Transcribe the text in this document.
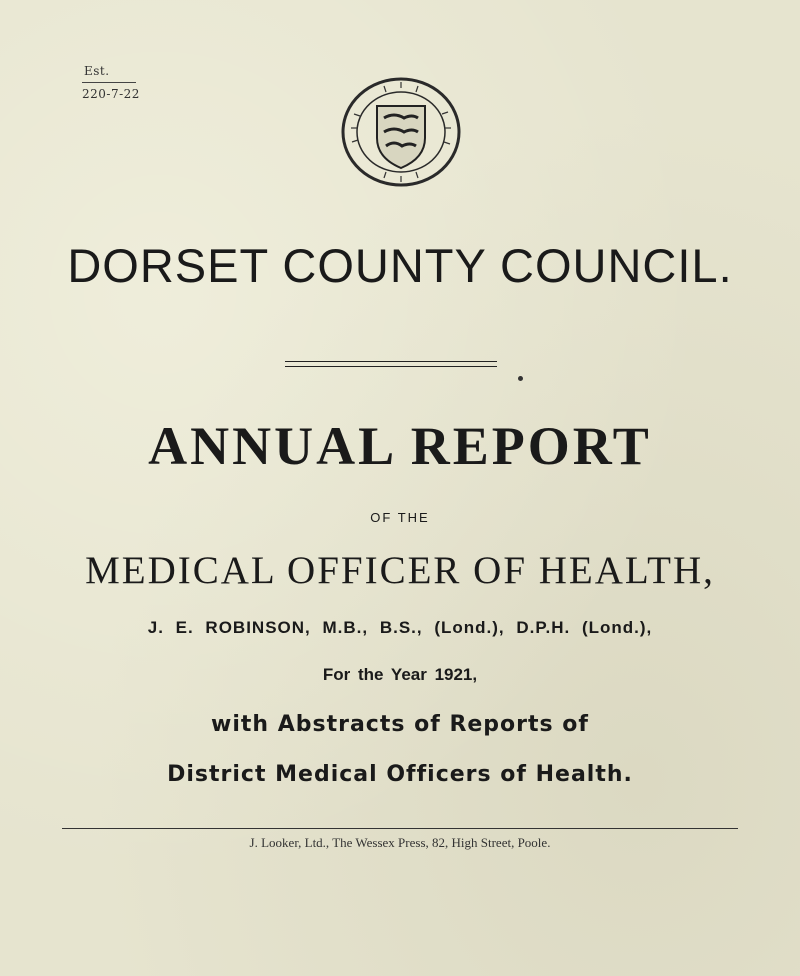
Est.
220-7-22
DORSET COUNTY COUNCIL.
ANNUAL REPORT
OF THE
MEDICAL OFFICER OF HEALTH,
J. E. ROBINSON, M.B., B.S., (Lond.), D.P.H. (Lond.),
For the Year 1921,
with Abstracts of Reports of
District Medical Officers of Health.
J. Looker, Ltd., The Wessex Press, 82, High Street, Poole.
